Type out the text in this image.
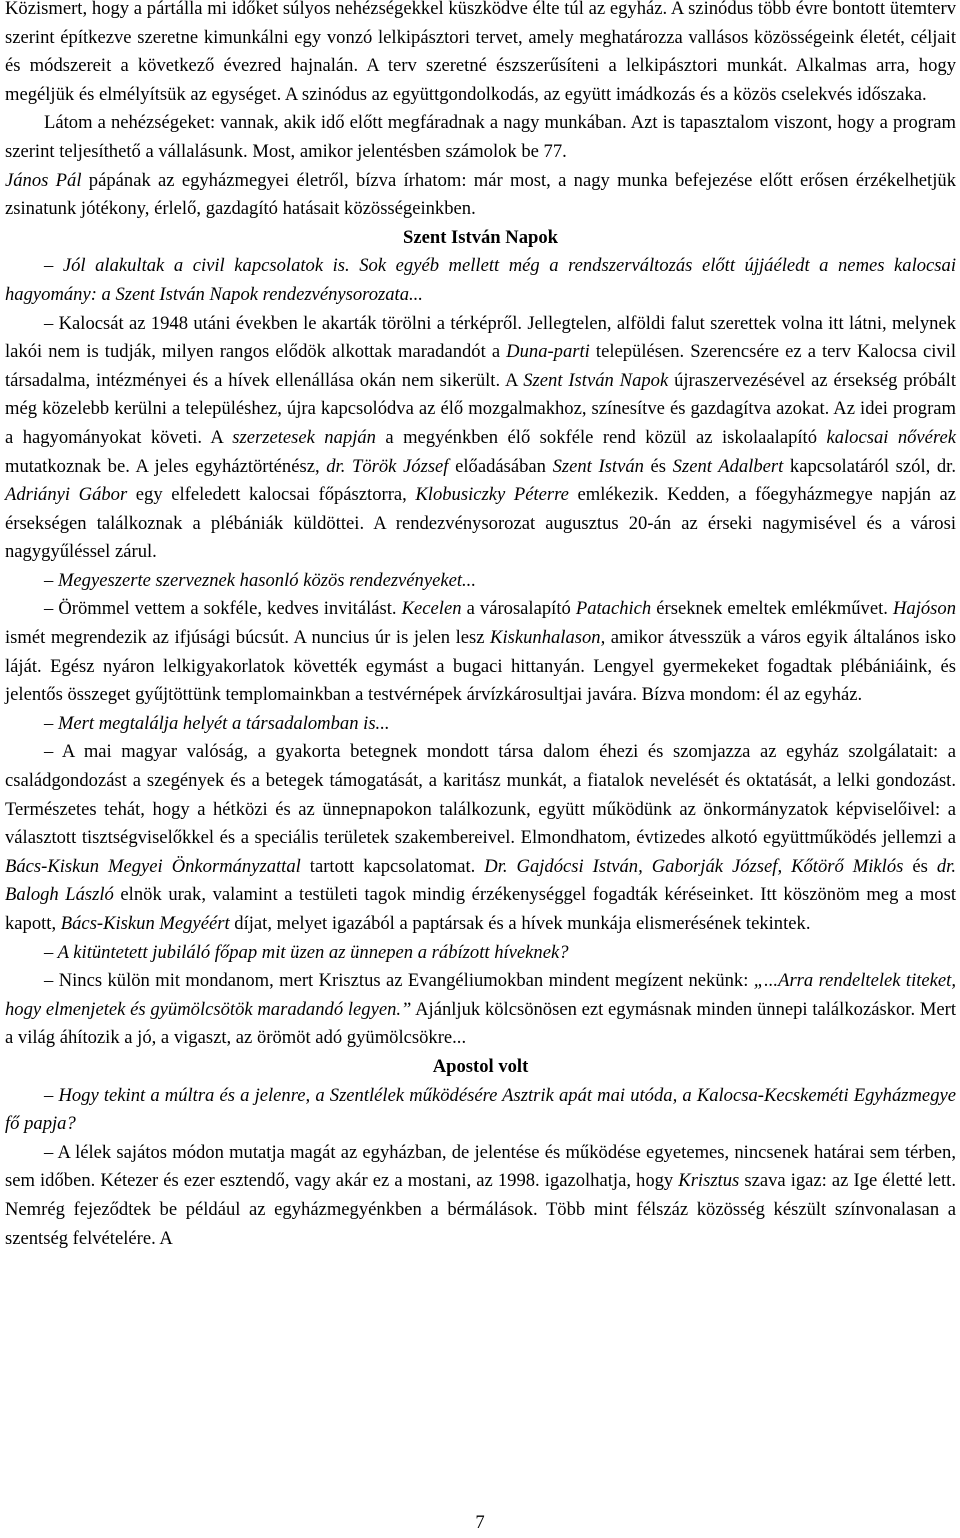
Közismert, hogy a pártállа mi időket súlyos nehézségekkel küszködve élte túl az egyház. A szinódus több évre bontott ütemterv szerint építkezve szeretne kimunkálni egy vonzó lelkipásztori tervet, amely meghatározza vallásos közösségeink életét, céljait és módszereit a következő évezred hajnalán. A terv szeretné észszerűsíteni a lelkipásztori munkát. Alkalmas arra, hogy megéljük és elmélyítsük az egységet. A szinódus az együttgondolkodás, az együtt imádkozás és a közös cselekvés időszaka.

Látom a nehézségeket: vannak, akik idő előtt megfáradnak a nagy munkában. Azt is tapasztalom viszont, hogy a program szerint teljesíthető a vállalásunk. Most, amikor jelentésben számolok be 77.

János Pál pápának az egyházmegyei életről, bízva írhatom: már most, a nagy munka befejezése előtt erősen érzékelhetjük zsinatunk jótékony, érlelő, gazdagító hatásait közösségeinkben.

Szent István Napok

– Jól alakultak a civil kapcsolatok is. Sok egyéb mellett még a rendszerváltozás előtt újjáéledt a nemes kalocsai hagyomány: a Szent István Napok rendezvénysorozata...

– Kalocsát az 1948 utáni években le akarták törölni a térképről. Jellegtelen, alföldi falut szerettek volna itt látni, melynek lakói nem is tudják, milyen rangos elődök alkottak maradandót a Duna-parti településen. Szerencsére ez a terv Kalocsa civil társadalma, intézményei és a hívek ellenállása okán nem sikerült. A Szent István Napok újraszervezésével az érsekség próbált még közelebb kerülni a településhez, újra kapcsolódva az élő mozgalmakhoz, színesítve és gazdagítva azokat. Az idei program a hagyományokat követi. A szerzetesek napján a megyénkben élő sokféle rend közül az iskolaalapító kalocsai nővérek mutatkoznak be. A jeles egyháztörténész, dr. Török József előadásában Szent István és Szent Adalbert kapcsolatáról szól, dr. Adriányi Gábor egy elfeledett kalocsai főpásztorra, Klobusiczky Péterre emlékezik. Kedden, a főegyházmegye napján az érsekségen találkoznak a plébániák küldöttei. A rendezvénysorozat augusztus 20-án az érseki nagymisével és a városi nagygyűléssel zárul.

– Megyeszerte szerveznek hasonló közös rendezvényeket...

– Örömmel vettem a sokféle, kedves invitálást. Kecelen a városalapító Patachich érseknek emeltek emlékművet. Hajóson ismét megrendezik az ifjúsági búcsút. A nuncius úr is jelen lesz Kiskunhalason, amikor átvesszük a város egyik általános isko láját. Egész nyáron lelkigyakorlatok követték egymást a bugaci hittanyán. Lengyel gyermekeket fogadtak plébániáink, és jelentős összeget gyűjtöttünk templomainkban a testvérnépek árvízkárosultjai javára. Bízva mondom: él az egyház.

– Mert megtalálja helyét a társadalomban is...

– A mai magyar valóság, a gyakorta betegnek mondott társa dalom éhezi és szomjazza az egyház szolgálatait: a családgondozást a szegények és a betegek támogatását, a karitász munkát, a fiatalok nevelését és oktatását, a lelki gondozást. Természetes tehát, hogy a hétközi és az ünnepnapokon találkozunk, együtt működünk az önkormányzatok képviselőivel: a választott tisztségviselőkkel és a speciális területek szakembereivel. Elmondhatom, évtizedes alkotó együttműködés jellemzi a Bács-Kiskun Megyei Önkormányzattal tartott kapcsolatomat. Dr. Gajdócsi István, Gaborják József, Kőtörő Miklós és dr. Balogh László elnök urak, valamint a testületi tagok mindig érzékenységgel fogadták kéréseinket. Itt köszönöm meg a most kapott, Bács-Kiskun Megyéért díjat, melyet igazából a paptársak és a hívek munkája elismerésének tekintek.

– A kitüntetett jubiláló főpap mit üzen az ünnepen a rábízott híveknek?

– Nincs külön mit mondanom, mert Krisztus az Evangéliumokban mindent megízent nekünk: „...Arra rendeltelek titeket, hogy elmenjetek és gyümölcsötök maradandó legyen.” Ajánljuk kölcsönösen ezt egymásnak minden ünnepi találkozáskor. Mert a világ áhítozik a jó, a vigaszt, az örömöt adó gyümölcsökre...

Apostol volt

– Hogy tekint a múltra és a jelenre, a Szentlélek működésére Asztrik apát mai utóda, a Kalocsa-Kecskeméti Egyházmegye fő papja?

– A lélek sajátos módon mutatja magát az egyházban, de jelentése és működése egyetemes, nincsenek határai sem térben, sem időben. Kétezer és ezer esztendő, vagy akár ez a mostani, az 1998. igazolhatja, hogy Krisztus szava igaz: az Ige életté lett. Nemrég fejeződtek be például az egyházmegyénkben a bérmálások. Több mint félszáz közösség készült színvonalasan a szentség felvételére. A

7
